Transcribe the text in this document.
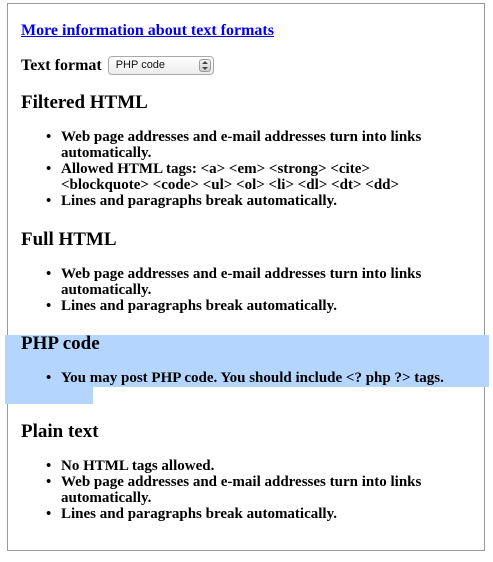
More information about text formats
Text format	PHP code
Filtered HTML
• Web page addresses and e-mail addresses turn into links automatically.
• Allowed HTML tags: <a> <em> <strong> <cite> <blockquote> <code> <ul> <ol> <li> <dl> <dt> <dd>
• Lines and paragraphs break automatically.
Full HTML
• Web page addresses and e-mail addresses turn into links automatically.
• Lines and paragraphs break automatically.
PHP code
• You may post PHP code. You should include <? php ?> tags.
Plain text
• No HTML tags allowed.
• Web page addresses and e-mail addresses turn into links automatically.
• Lines and paragraphs break automatically.
